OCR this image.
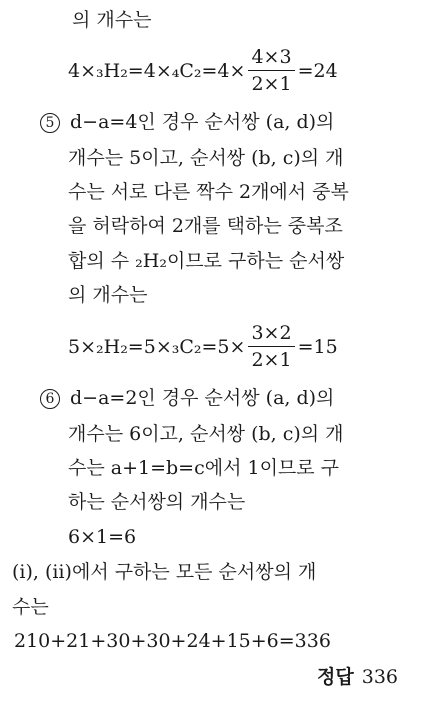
의 개수는
$4\times_3H_2=4\times_4C_2=4\times \frac{4\times 3}{2\times 1} =24$
5 d−a=4인 경우 순서쌍 (a, d)의
개수는 5이고, 순서쌍 (b, c)의 개
수는 서로 다른 짝수 2개에서 중복
을 허락하여 2개를 택하는 중복조
합의 수 ₂H₂이므로 구하는 순서쌍
의 개수는
$5\times_2H_2=5\times_3C_2=5\times \frac{3\times 2}{2\times 1} =15$
6 d−a=2인 경우 순서쌍 (a, d)의
개수는 6이고, 순서쌍 (b, c)의 개
수는 a+1=b=c에서 1이므로 구
하는 순서쌍의 개수는
6×1=6
(ⅰ), (ⅱ)에서 구하는 모든 순서쌍의 개
수는
210+21+30+30+24+15+6=336
정답 336
